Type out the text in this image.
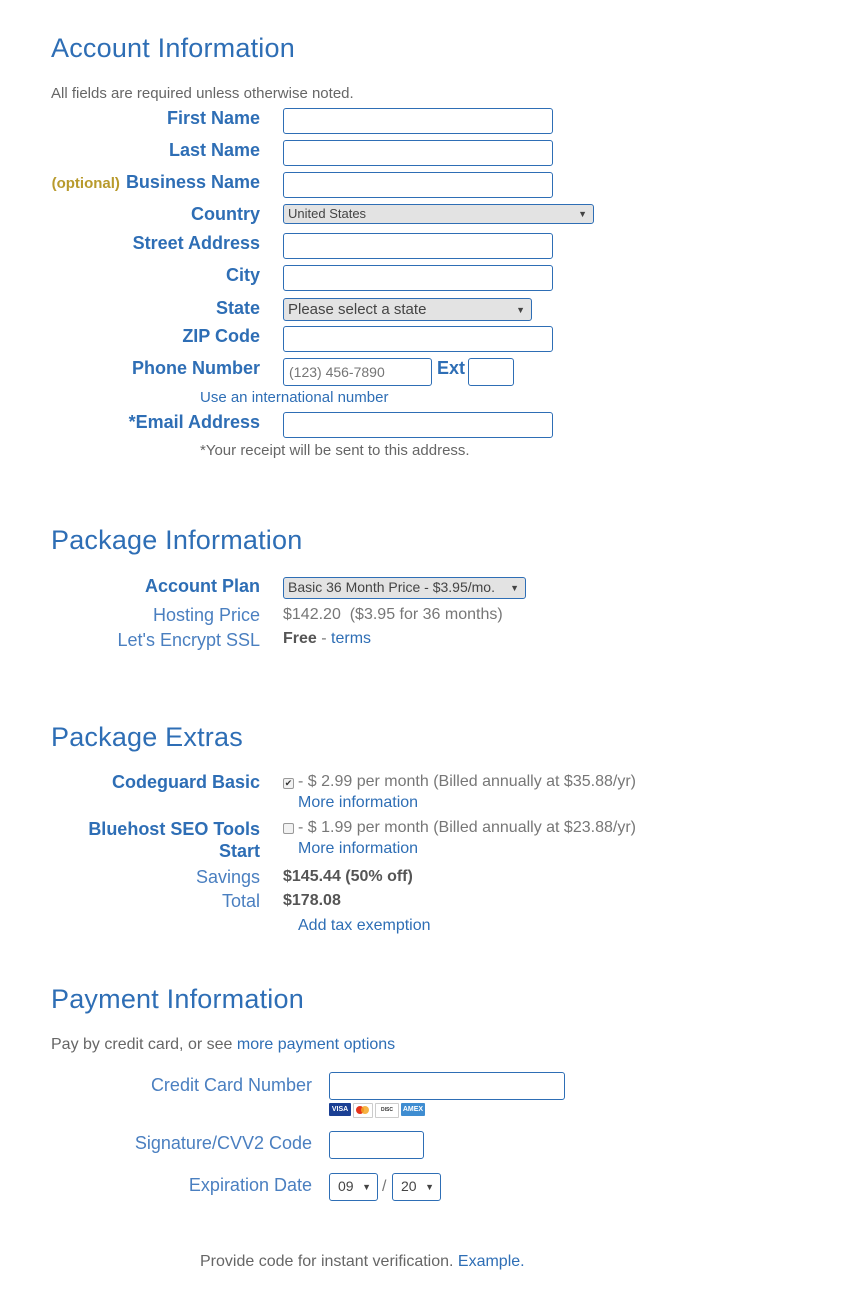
Account Information
All fields are required unless otherwise noted.
First Name
Last Name
(optional) Business Name
Country	United States	▼
Street Address
City
State	Please select a state	▼
ZIP Code
Phone Number
(123) 456-7890	Ext
Use an international number
*Email Address
*Your receipt will be sent to this address.
Package Information
Account Plan	Basic 36 Month Price - $3.95/mo. ▼
Hosting Price $142.20  ($3.95 for 36 months)
Let's Encrypt SSL Free - terms
Package Extras
Codeguard Basic	✔ - $ 2.99 per month (Billed annually at $35.88/yr)
More information
Bluehost SEO Tools
Start
- $ 1.99 per month (Billed annually at $23.88/yr)
More information
Savings $145.44 (50% off)
Total $178.08
Add tax exemption
Payment Information
Pay by credit card, or see more payment options
Credit Card Number
VISA	DISC	AMEX
Signature/CVV2 Code
Expiration Date	09 ▼ /	20 ▼
Provide code for instant verification. Example.
